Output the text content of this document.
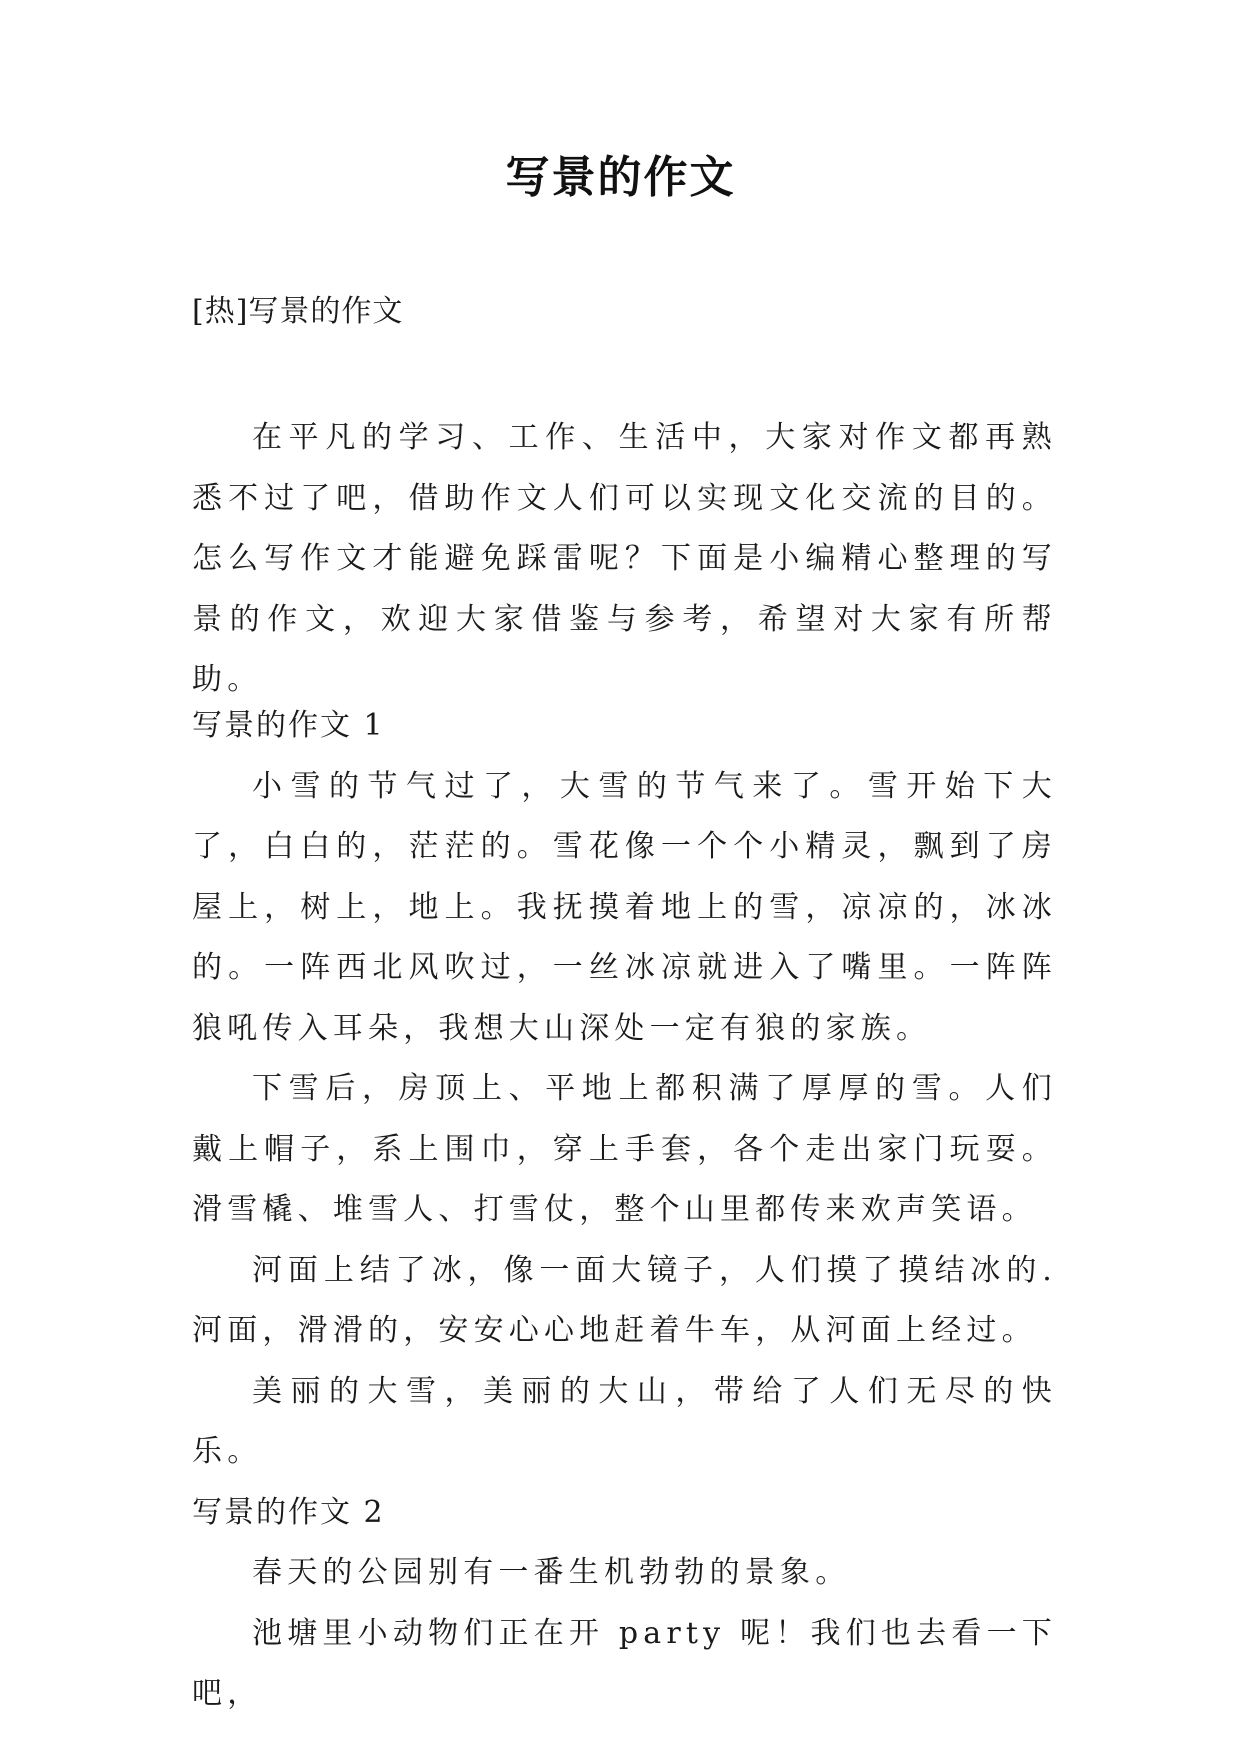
写景的作文
[热]写景的作文

在平凡的学习、工作、生活中，大家对作文都再熟悉不过了吧，借助作文人们可以实现文化交流的目的。怎么写作文才能避免踩雷呢？下面是小编精心整理的写景的作文，欢迎大家借鉴与参考，希望对大家有所帮助。

写景的作文 1

小雪的节气过了，大雪的节气来了。雪开始下大了，白白的，茫茫的。雪花像一个个小精灵，飘到了房屋上，树上，地上。我抚摸着地上的雪，凉凉的，冰冰的。一阵西北风吹过，一丝冰凉就进入了嘴里。一阵阵狼吼传入耳朵，我想大山深处一定有狼的家族。

下雪后，房顶上、平地上都积满了厚厚的雪。人们戴上帽子，系上围巾，穿上手套，各个走出家门玩耍。滑雪橇、堆雪人、打雪仗，整个山里都传来欢声笑语。

河面上结了冰，像一面大镜子，人们摸了摸结冰的.河面，滑滑的，安安心心地赶着牛车，从河面上经过。

美丽的大雪，美丽的大山，带给了人们无尽的快乐。

写景的作文 2

春天的公园别有一番生机勃勃的景象。

池塘里小动物们正在开 party 呢！我们也去看一下吧，
